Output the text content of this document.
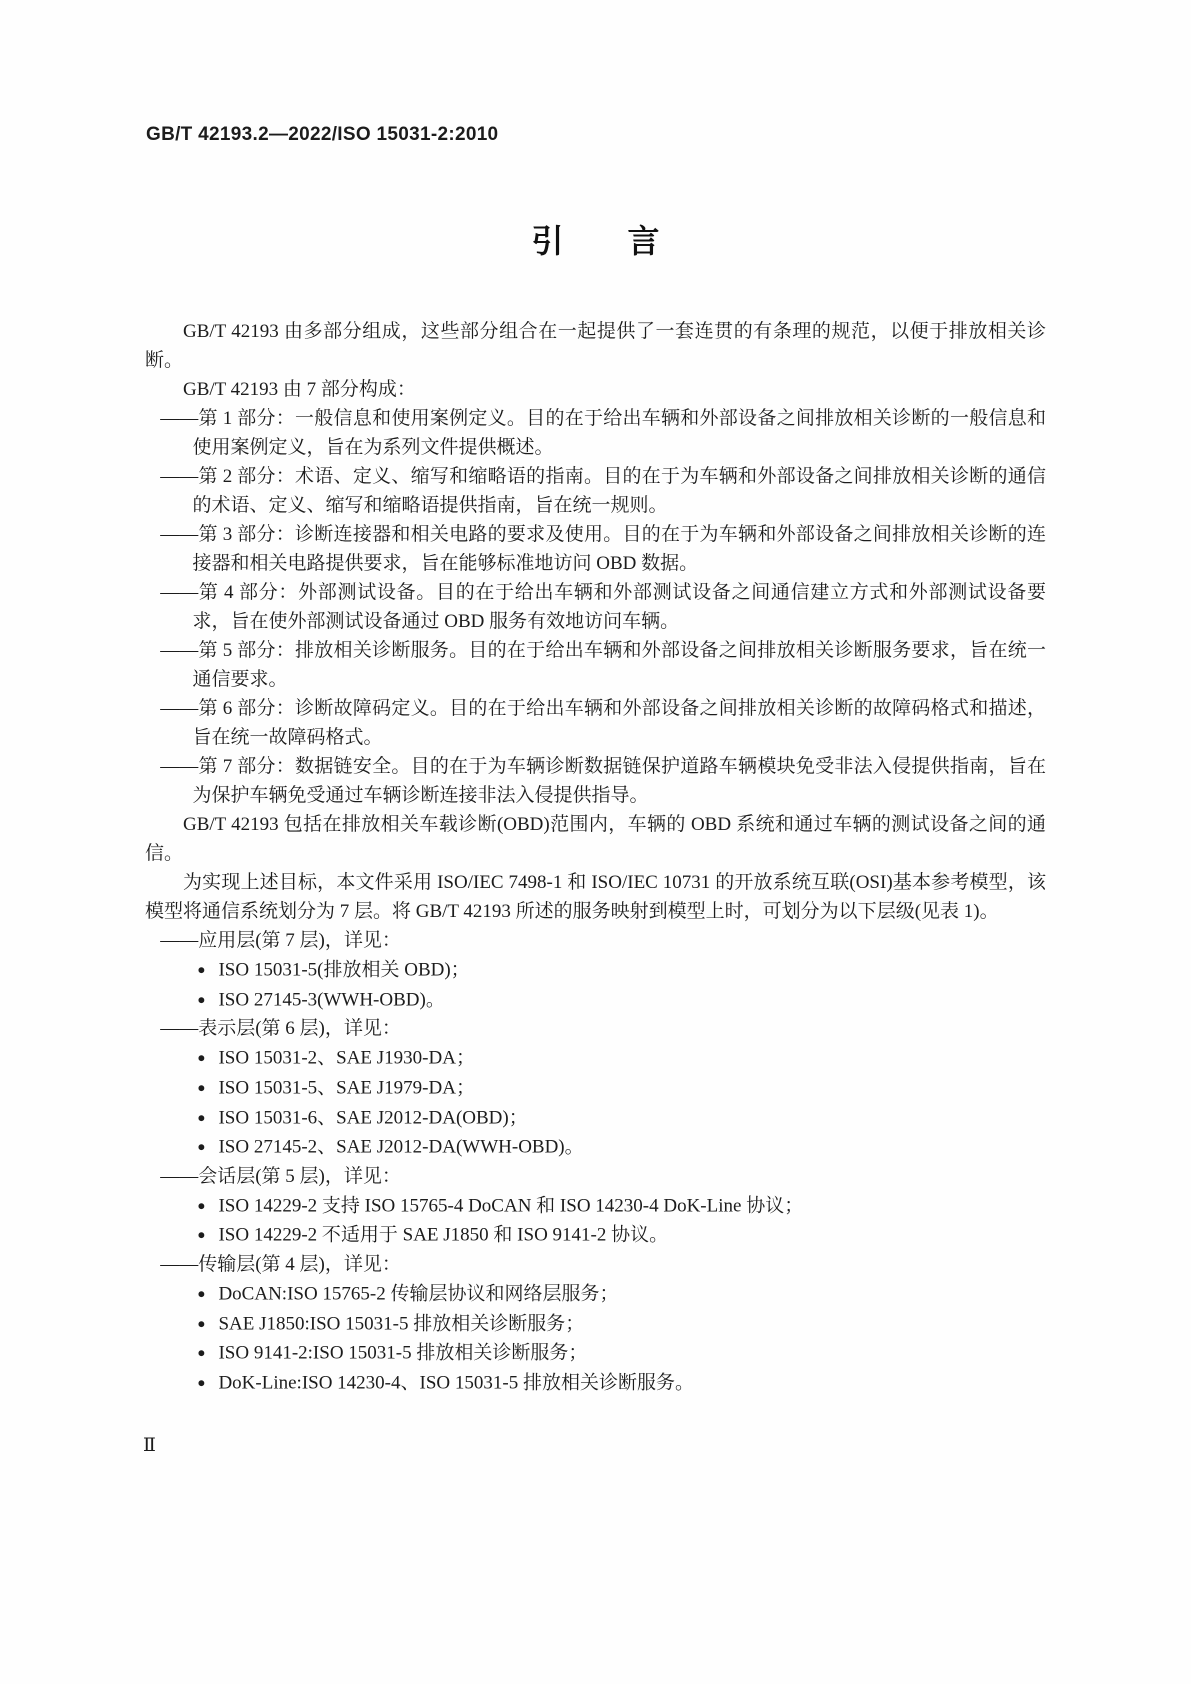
GB/T 42193.2—2022/ISO 15031-2:2010
引　　言

GB/T 42193 由多部分组成，这些部分组合在一起提供了一套连贯的有条理的规范，以便于排放相关诊断。

GB/T 42193 由 7 部分构成：

——第 1 部分：一般信息和使用案例定义。目的在于给出车辆和外部设备之间排放相关诊断的一般信息和使用案例定义，旨在为系列文件提供概述。

——第 2 部分：术语、定义、缩写和缩略语的指南。目的在于为车辆和外部设备之间排放相关诊断的通信的术语、定义、缩写和缩略语提供指南，旨在统一规则。

——第 3 部分：诊断连接器和相关电路的要求及使用。目的在于为车辆和外部设备之间排放相关诊断的连接器和相关电路提供要求，旨在能够标准地访问 OBD 数据。

——第 4 部分：外部测试设备。目的在于给出车辆和外部测试设备之间通信建立方式和外部测试设备要求，旨在使外部测试设备通过 OBD 服务有效地访问车辆。

——第 5 部分：排放相关诊断服务。目的在于给出车辆和外部设备之间排放相关诊断服务要求，旨在统一通信要求。

——第 6 部分：诊断故障码定义。目的在于给出车辆和外部设备之间排放相关诊断的故障码格式和描述，旨在统一故障码格式。

——第 7 部分：数据链安全。目的在于为车辆诊断数据链保护道路车辆模块免受非法入侵提供指南，旨在为保护车辆免受通过车辆诊断连接非法入侵提供指导。

GB/T 42193 包括在排放相关车载诊断(OBD)范围内，车辆的 OBD 系统和通过车辆的测试设备之间的通信。

为实现上述目标，本文件采用 ISO/IEC 7498-1 和 ISO/IEC 10731 的开放系统互联(OSI)基本参考模型，该模型将通信系统划分为 7 层。将 GB/T 42193 所述的服务映射到模型上时，可划分为以下层级(见表 1)。

——应用层(第 7 层)，详见：

● ISO 15031-5(排放相关 OBD)；

● ISO 27145-3(WWH-OBD)。

——表示层(第 6 层)，详见：

● ISO 15031-2、SAE J1930-DA；

● ISO 15031-5、SAE J1979-DA；

● ISO 15031-6、SAE J2012-DA(OBD)；

● ISO 27145-2、SAE J2012-DA(WWH-OBD)。

——会话层(第 5 层)，详见：

● ISO 14229-2 支持 ISO 15765-4 DoCAN 和 ISO 14230-4 DoK-Line 协议；

● ISO 14229-2 不适用于 SAE J1850 和 ISO 9141-2 协议。

——传输层(第 4 层)，详见：

● DoCAN:ISO 15765-2 传输层协议和网络层服务；

● SAE J1850:ISO 15031-5 排放相关诊断服务；

● ISO 9141-2:ISO 15031-5 排放相关诊断服务；

● DoK-Line:ISO 14230-4、ISO 15031-5 排放相关诊断服务。

Ⅱ
